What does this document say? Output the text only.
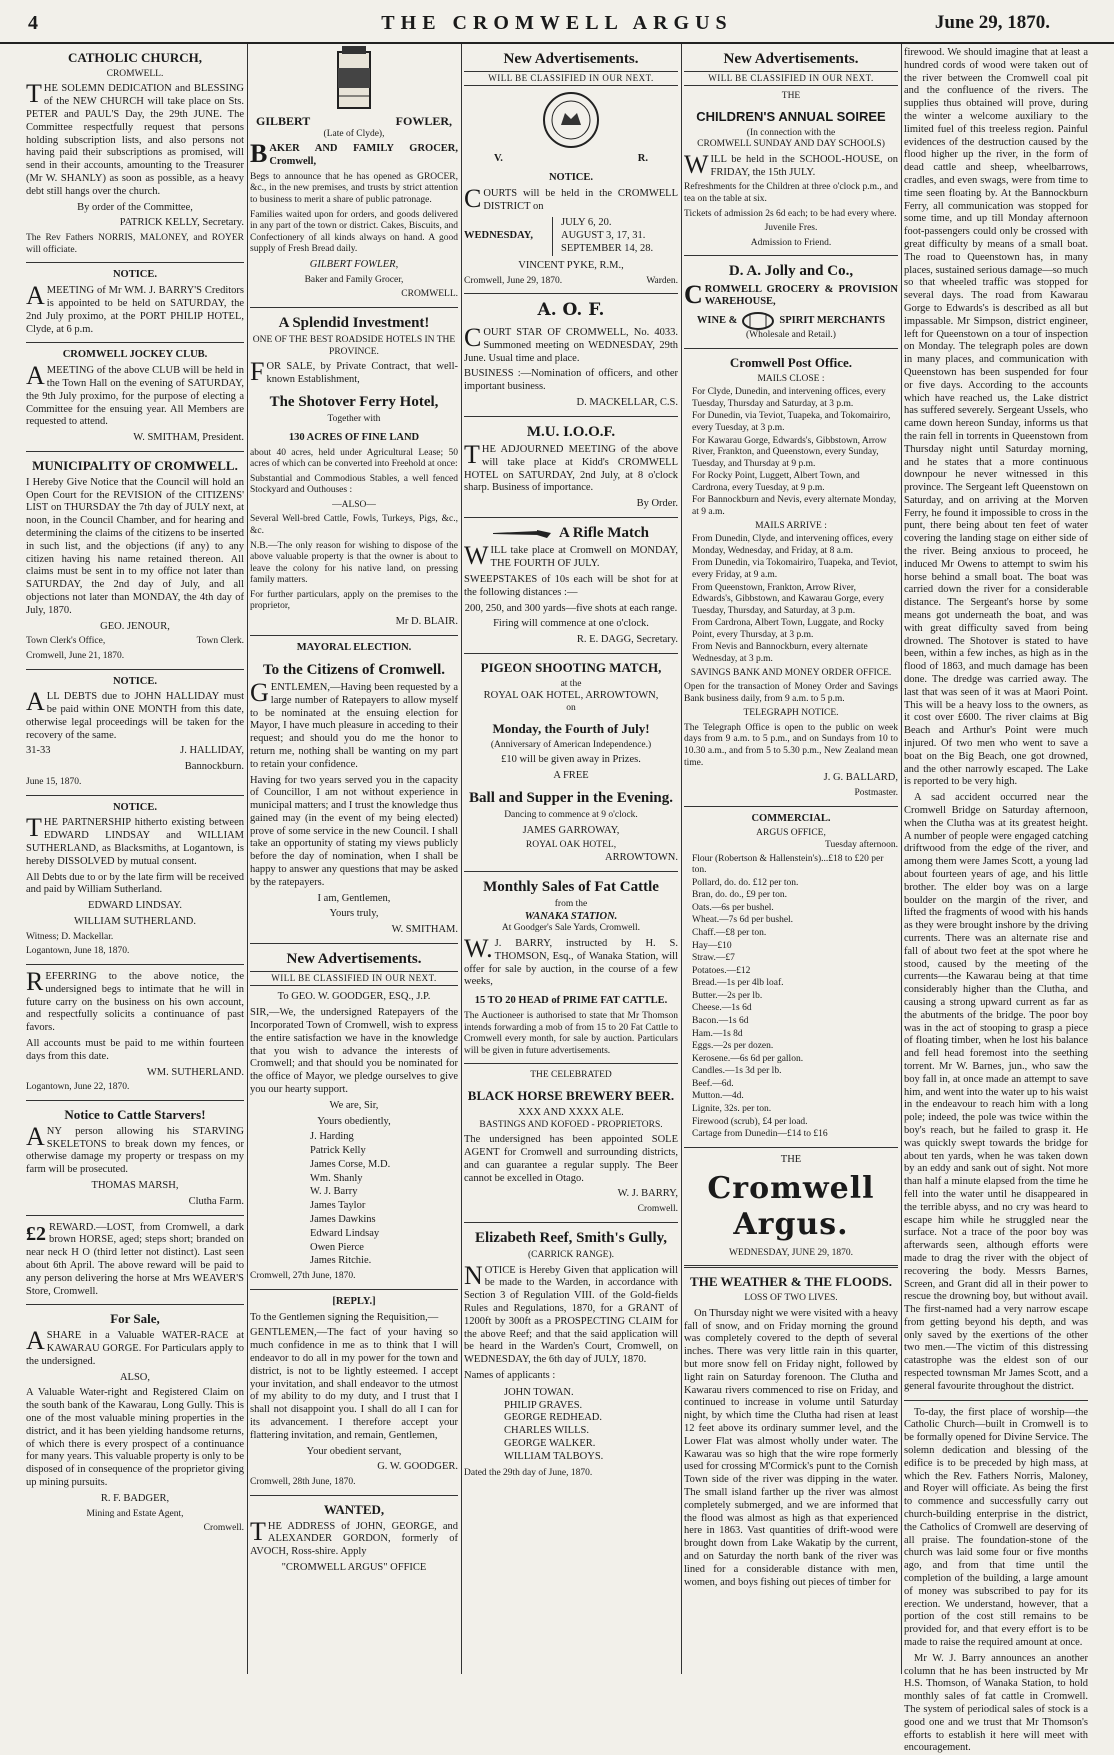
4	THE CROMWELL ARGUS	June 29, 1870.
CATHOLIC CHURCH,
CROMWELL.

THE SOLEMN DEDICATION and BLESSING of the NEW CHURCH will take place on Sts. PETER and PAUL'S Day, the 29th JUNE. The Committee respectfully request that persons holding subscription lists, and also persons not having paid their subscriptions as promised, will send in their accounts, amounting to the Treasurer (Mr W. SHANLY) as soon as possible, as a heavy debt still hangs over the church.

By order of the Committee,

PATRICK KELLY, Secretary.

The Rev Fathers NORRIS, MALONEY, and ROYER will officiate.

NOTICE.

AMEETING of Mr WM. J. BARRY'S Creditors is appointed to be held on SATURDAY, the 2nd July proximo, at the PORT PHILIP HOTEL, Clyde, at 6 p.m.

CROMWELL JOCKEY CLUB.

AMEETING of the above CLUB will be held in the Town Hall on the evening of SATURDAY, the 9th July proximo, for the purpose of electing a Committee for the ensuing year. All Members are requested to attend.

W. SMITHAM, President.

MUNICIPALITY OF CROMWELL.

I Hereby Give Notice that the Council will hold an Open Court for the REVISION of the CITIZENS' LIST on THURSDAY the 7th day of JULY next, at noon, in the Council Chamber, and for hearing and determining the claims of the citizens to be inserted in such list, and the objections (if any) to any citizen having his name retained thereon. All claims must be sent in to my office not later than SATURDAY, the 2nd day of July, and all objections not later than MONDAY, the 4th day of July, 1870.

GEO. JENOUR,

Town Clerk's Office,	Town Clerk.

Cromwell, June 21, 1870.

NOTICE.

ALL DEBTS due to JOHN HALLIDAY must be paid within ONE MONTH from this date, otherwise legal proceedings will be taken for the recovery of the same.

31-33	J. HALLIDAY,

Bannockburn.

June 15, 1870.

NOTICE.

THE PARTNERSHIP hitherto existing between EDWARD LINDSAY and WILLIAM SUTHERLAND, as Blacksmiths, at Logantown, is hereby DISSOLVED by mutual consent.

All Debts due to or by the late firm will be received and paid by William Sutherland.

EDWARD LINDSAY.

WILLIAM SUTHERLAND.

Witness; D. Mackellar.

Logantown, June 18, 1870.

REFERRING to the above notice, the undersigned begs to intimate that he will in future carry on the business on his own account, and respectfully solicits a continuance of past favors.

All accounts must be paid to me within fourteen days from this date.

WM. SUTHERLAND.

Logantown, June 22, 1870.

Notice to Cattle Starvers!

ANY person allowing his STARVING SKELETONS to break down my fences, or otherwise damage my property or trespass on my farm will be prosecuted.

THOMAS MARSH,

Clutha Farm.

£2 REWARD.—LOST, from Cromwell, a dark brown HORSE, aged; steps short; branded on near neck H O (third letter not distinct). Last seen about 6th April. The above reward will be paid to any person delivering the horse at Mrs WEAVER'S Store, Cromwell.

For Sale,

ASHARE in a Valuable WATER-RACE at KAWARAU GORGE. For Particulars apply to the undersigned.

ALSO,

A Valuable Water-right and Registered Claim on the south bank of the Kawarau, Long Gully. This is one of the most valuable mining properties in the district, and it has been yielding handsome returns, of which there is every prospect of a continuance for many years. This valuable property is only to be disposed of in consequence of the proprietor giving up mining pursuits.

R. F. BADGER,

Mining and Estate Agent,

Cromwell.

GILBERT	FOWLER,
(Late of Clyde),

BAKER AND FAMILY GROCER, Cromwell,

Begs to announce that he has opened as GROCER, &c., in the new premises, and trusts by strict attention to business to merit a share of public patronage.

Families waited upon for orders, and goods delivered in any part of the town or district. Cakes, Biscuits, and Confectionery of all kinds always on hand. A good supply of Fresh Bread daily.

GILBERT FOWLER,

Baker and Family Grocer,

CROMWELL.

A Splendid Investment!
ONE OF THE BEST ROADSIDE HOTELS IN THE PROVINCE.

FOR SALE, by Private Contract, that well-known Establishment,

The Shotover Ferry Hotel,
Together with
130 ACRES OF FINE LAND

about 40 acres, held under Agricultural Lease; 50 acres of which can be converted into Freehold at once:

Substantial and Commodious Stables, a well fenced Stockyard and Outhouses :

—ALSO—

Several Well-bred Cattle, Fowls, Turkeys, Pigs, &c., &c.

N.B.—The only reason for wishing to dispose of the above valuable property is that the owner is about to leave the colony for his native land, on pressing family matters.

For further particulars, apply on the premises to the proprietor,

Mr D. BLAIR.

MAYORAL ELECTION.
To the Citizens of Cromwell.

GENTLEMEN,—Having been requested by a large number of Ratepayers to allow myself to be nominated at the ensuing election for Mayor, I have much pleasure in acceding to their request; and should you do me the honor to return me, nothing shall be wanting on my part to retain your confidence.

Having for two years served you in the capacity of Councillor, I am not without experience in municipal matters; and I trust the knowledge thus gained may (in the event of my being elected) prove of some service in the new Council. I shall take an opportunity of stating my views publicly before the day of nomination, when I shall be happy to answer any questions that may be asked by the ratepayers.

I am, Gentlemen,

Yours truly,

W. SMITHAM.

New Advertisements.
WILL BE CLASSIFIED IN OUR NEXT.

To GEO. W. GOODGER, ESQ., J.P.

SIR,—We, the undersigned Ratepayers of the Incorporated Town of Cromwell, wish to express the entire satisfaction we have in the knowledge that you wish to advance the interests of Cromwell; and that should you be nominated for the office of Mayor, we pledge ourselves to give you our hearty support.

We are, Sir,

Yours obediently,

J. Harding
Patrick Kelly
James Corse, M.D.
Wm. Shanly
W. J. Barry
James Taylor
James Dawkins
Edward Lindsay
Owen Pierce
James Ritchie.

Cromwell, 27th June, 1870.

[REPLY.]

To the Gentlemen signing the Requisition,—

GENTLEMEN,—The fact of your having so much confidence in me as to think that I will endeavor to do all in my power for the town and district, is not to be lightly esteemed. I accept your invitation, and shall endeavor to the utmost of my ability to do my duty, and I trust that I shall not disappoint you. I shall do all I can for its advancement. I therefore accept your flattering invitation, and remain, Gentlemen,

Your obedient servant,

G. W. GOODGER.

Cromwell, 28th June, 1870.

WANTED,

THE ADDRESS of JOHN, GEORGE, and ALEXANDER GORDON, formerly of AVOCH, Ross-shire. Apply

"CROMWELL ARGUS" OFFICE

New Advertisements.
WILL BE CLASSIFIED IN OUR NEXT.
V.	R.
NOTICE.

COURTS will be held in the CROMWELL DISTRICT on

WEDNESDAY,
JULY 6, 20.
AUGUST 3, 17, 31.
SEPTEMBER 14, 28.

VINCENT PYKE, R.M.,

Cromwell, June 29, 1870.	Warden.
A. O. F.

COURT STAR OF CROMWELL, No. 4033. Summoned meeting on WEDNESDAY, 29th June. Usual time and place.

BUSINESS :—Nomination of officers, and other important business.

D. MACKELLAR, C.S.

M.U. I.O.O.F.

THE ADJOURNED MEETING of the above will take place at Kidd's CROMWELL HOTEL on SATURDAY, 2nd July, at 8 o'clock sharp. Business of importance.

By Order.

A Rifle Match

WILL take place at Cromwell on MONDAY, THE FOURTH OF JULY.

SWEEPSTAKES of 10s each will be shot for at the following distances :—

200, 250, and 300 yards—five shots at each range.

Firing will commence at one o'clock.

R. E. DAGG, Secretary.

PIGEON SHOOTING MATCH,
at the
ROYAL OAK HOTEL, ARROWTOWN,
on
Monday, the Fourth of July!
(Anniversary of American Independence.)

£10 will be given away in Prizes.

A FREE
Ball and Supper in the Evening.
Dancing to commence at 9 o'clock.

JAMES GARROWAY,

ROYAL OAK HOTEL,
ARROWTOWN.
Monthly Sales of Fat Cattle
from the
WANAKA STATION.
At Goodger's Sale Yards, Cromwell.

W.J. BARRY, instructed by H. S. THOMSON, Esq., of Wanaka Station, will offer for sale by auction, in the course of a few weeks,

15 TO 20 HEAD of PRIME FAT CATTLE.

The Auctioneer is authorised to state that Mr Thomson intends forwarding a mob of from 15 to 20 Fat Cattle to Cromwell every month, for sale by auction. Particulars will be given in future advertisements.

THE CELEBRATED
BLACK HORSE BREWERY BEER.
XXX AND XXXX ALE.
BASTINGS AND KOFOED - PROPRIETORS.

The undersigned has been appointed SOLE AGENT for Cromwell and surrounding districts, and can guarantee a regular supply. The Beer cannot be excelled in Otago.

W. J. BARRY,

Cromwell.

Elizabeth Reef, Smith's Gully,
(CARRICK RANGE).

NOTICE is Hereby Given that application will be made to the Warden, in accordance with Section 3 of Regulation VIII. of the Gold-fields Rules and Regulations, 1870, for a GRANT of 1200ft by 300ft as a PROSPECTING CLAIM for the above Reef; and that the said application will be heard in the Warden's Court, Cromwell, on WEDNESDAY, the 6th day of JULY, 1870.

Names of applicants :

JOHN TOWAN.
PHILIP GRAVES.
GEORGE REDHEAD.
CHARLES WILLS.
GEORGE WALKER.
WILLIAM TALBOYS.

Dated the 29th day of June, 1870.

New Advertisements.
WILL BE CLASSIFIED IN OUR NEXT.
THE
CHILDREN'S ANNUAL SOIREE
(In connection with the
CROMWELL SUNDAY AND DAY SCHOOLS)

WILL be held in the SCHOOL-HOUSE, on FRIDAY, the 15th JULY.

Refreshments for the Children at three o'clock p.m., and tea on the table at six.

Tickets of admission 2s 6d each; to be had every where.

Juvenile Fres.

Admission to Friend.

D. A. Jolly and Co.,

CROMWELL GROCERY & PROVISION WAREHOUSE,

WINE &	SPIRIT MERCHANTS
(Wholesale and Retail.)
Cromwell Post Office.
MAILS CLOSE :
For Clyde, Dunedin, and intervening offices, every Tuesday, Thursday and Saturday, at 3 p.m.
For Dunedin, via Teviot, Tuapeka, and Tokomairiro, every Tuesday, at 3 p.m.
For Kawarau Gorge, Edwards's, Gibbstown, Arrow River, Frankton, and Queenstown, every Sunday, Tuesday, and Thursday at 9 p.m.
For Rocky Point, Luggett, Albert Town, and Cardrona, every Tuesday, at 9 p.m.
For Bannockburn and Nevis, every alternate Monday, at 9 a.m.
MAILS ARRIVE :
From Dunedin, Clyde, and intervening offices, every Monday, Wednesday, and Friday, at 8 a.m.
From Dunedin, via Tokomairiro, Tuapeka, and Teviot, every Friday, at 9 a.m.
From Queenstown, Frankton, Arrow River, Edwards's, Gibbstown, and Kawarau Gorge, every Tuesday, Thursday, and Saturday, at 3 p.m.
From Cardrona, Albert Town, Luggate, and Rocky Point, every Thursday, at 3 p.m.
From Nevis and Bannockburn, every alternate Wednesday, at 3 p.m.
SAVINGS BANK AND MONEY ORDER OFFICE.

Open for the transaction of Money Order and Savings Bank business daily, from 9 a.m. to 5 p.m.

TELEGRAPH NOTICE.

The Telegraph Office is open to the public on week days from 9 a.m. to 5 p.m., and on Sundays from 10 to 10.30 a.m., and from 5 to 5.30 p.m., New Zealand mean time.

J. G. BALLARD,

Postmaster.

COMMERCIAL.
ARGUS OFFICE,
Tuesday afternoon.
Flour (Robertson & Hallenstein's)...£18 to £20 per ton.
Pollard, do. do. £12 per ton.
Bran, do. do., £9 per ton.
Oats.—6s per bushel.
Wheat.—7s 6d per bushel.
Chaff.—£8 per ton.
Hay—£10
Straw.—£7
Potatoes.—£12
Bread.—1s per 4lb loaf.
Butter.—2s per lb.
Cheese.—1s 6d
Bacon.—1s 6d
Ham.—1s 8d
Eggs.—2s per dozen.
Kerosene.—6s 6d per gallon.
Candles.—1s 3d per lb.
Beef.—6d.
Mutton.—4d.
Lignite, 32s. per ton.
Firewood (scrub), £4 per load.
Cartage from Dunedin—£14 to £16
THE
Cromwell Argus.
WEDNESDAY, JUNE 29, 1870.
THE WEATHER & THE FLOODS.
LOSS OF TWO LIVES.

On Thursday night we were visited with a heavy fall of snow, and on Friday morning the ground was completely covered to the depth of several inches. There was very little rain in this quarter, but more snow fell on Friday night, followed by light rain on Saturday forenoon. The Clutha and Kawarau rivers commenced to rise on Friday, and continued to increase in volume until Saturday night, by which time the Clutha had risen at least 12 feet above its ordinary summer level, and the Lower Flat was almost wholly under water. The Kawarau was so high that the wire rope formerly used for crossing M'Cormick's punt to the Cornish Town side of the river was dipping in the water. The small island farther up the river was almost completely submerged, and we are informed that the flood was almost as high as that experienced here in 1863. Vast quantities of drift-wood were brought down from Lake Wakatip by the current, and on Saturday the north bank of the river was lined for a considerable distance with men, women, and boys fishing out pieces of timber for

firewood. We should imagine that at least a hundred cords of wood were taken out of the river between the Cromwell coal pit and the confluence of the rivers. The supplies thus obtained will prove, during the winter a welcome auxiliary to the limited fuel of this treeless region. Painful evidences of the destruction caused by the flood higher up the river, in the form of dead cattle and sheep, wheelbarrows, cradles, and even swags, were from time to time seen floating by. At the Bannockburn Ferry, all communication was stopped for some time, and up till Monday afternoon foot-passengers could only be crossed with great difficulty by means of a small boat. The road to Queenstown has, in many places, sustained serious damage—so much so that wheeled traffic was stopped for several days. The road from Kawarau Gorge to Edwards's is described as all but impassable. Mr Simpson, district engineer, left for Queenstown on a tour of inspection on Monday. The telegraph poles are down in many places, and communication with Queenstown has been suspended for four or five days. According to the accounts which have reached us, the Lake district has suffered severely. Sergeant Ussels, who came down hereon Sunday, informs us that the rain fell in torrents in Queenstown from Thursday night until Saturday morning, and he states that a more continuous downpour he never witnessed in this province. The Sergeant left Queenstown on Saturday, and on arriving at the Morven Ferry, he found it impossible to cross in the punt, there being about ten feet of water covering the landing stage on either side of the river. Being anxious to proceed, he induced Mr Owens to attempt to swim his horse behind a small boat. The boat was carried down the river for a considerable distance. The Sergeant's horse by some means got underneath the boat, and was with great difficulty saved from being drowned. The Shotover is stated to have been, within a few inches, as high as in the flood of 1863, and much damage has been done. The dredge was carried away. The last that was seen of it was at Maori Point. This will be a heavy loss to the owners, as it cost over £600. The river claims at Big Beach and Arthur's Point were much injured. Of two men who went to save a boat on the Big Beach, one got drowned, and the other narrowly escaped. The Lake is reported to be very high.

A sad accident occurred near the Cromwell Bridge on Saturday afternoon, when the Clutha was at its greatest height. A number of people were engaged catching driftwood from the edge of the river, and among them were James Scott, a young lad about fourteen years of age, and his little brother. The elder boy was on a large boulder on the margin of the river, and lifted the fragments of wood with his hands as they were brought inshore by the driving currents. There was an alternate rise and fall of about two feet at the spot where he stood, caused by the meeting of the currents—the Kawarau being at that time considerably higher than the Clutha, and causing a strong upward current as far as the abutments of the bridge. The poor boy was in the act of stooping to grasp a piece of floating timber, when he lost his balance and fell head foremost into the seething torrent. Mr W. Barnes, jun., who saw the boy fall in, at once made an attempt to save him, and went into the water up to his waist in the endeavour to reach him with a long pole; indeed, the pole was twice within the boy's reach, but he failed to grasp it. He was quickly swept towards the bridge for about ten yards, when he was taken down by an eddy and sank out of sight. Not more than half a minute elapsed from the time he fell into the water until he disappeared in the terrible abyss, and no cry was heard to escape him while he struggled near the surface. Not a trace of the poor boy was afterwards seen, although efforts were made to drag the river with the object of recovering the body. Messrs Barnes, Screen, and Grant did all in their power to rescue the drowning boy, but without avail. The first-named had a very narrow escape from getting beyond his depth, and was only saved by the exertions of the other two men.—The victim of this distressing catastrophe was the eldest son of our respected townsman Mr James Scott, and a general favourite throughout the district.

To-day, the first place of worship—the Catholic Church—built in Cromwell is to be formally opened for Divine Service. The solemn dedication and blessing of the edifice is to be preceded by high mass, at which the Rev. Fathers Norris, Maloney, and Royer will officiate. As being the first to commence and successfully carry out church-building enterprise in the district, the Catholics of Cromwell are deserving of all praise. The foundation-stone of the church was laid some four or five months ago, and from that time until the completion of the building, a large amount of money was subscribed to pay for its erection. We understand, however, that a portion of the cost still remains to be provided for, and that every effort is to be made to raise the required amount at once.

Mr W. J. Barry announces an another column that he has been instructed by Mr H.S. Thomson, of Wanaka Station, to hold monthly sales of fat cattle in Cromwell. The system of periodical sales of stock is a good one and we trust that Mr Thomson's efforts to establish it here will meet with encouragement.
